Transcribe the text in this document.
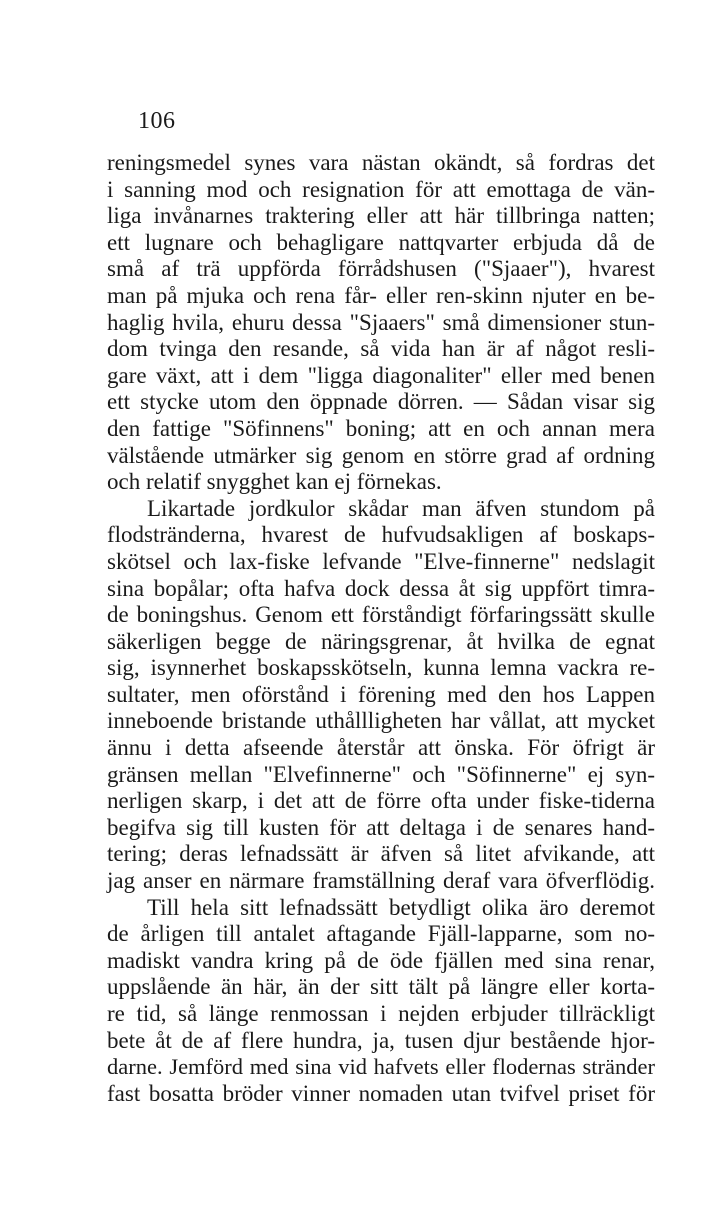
106
reningsmedel synes vara nästan okändt, så fordras det
i sanning mod och resignation för att emottaga de vän-
liga invånarnes traktering eller att här tillbringa natten;
ett lugnare och behagligare nattqvarter erbjuda då de
små af trä uppförda förrådshusen ("Sjaaer"), hvarest
man på mjuka och rena får- eller ren-skinn njuter en be-
haglig hvila, ehuru dessa "Sjaaers" små dimensioner stun-
dom tvinga den resande, så vida han är af något resli-
gare växt, att i dem "ligga diagonaliter" eller med benen
ett stycke utom den öppnade dörren. — Sådan visar sig
den fattige "Söfinnens" boning; att en och annan mera
välstående utmärker sig genom en större grad af ordning
och relatif snygghet kan ej förnekas.
Likartade jordkulor skådar man äfven stundom på
flodstränderna, hvarest de hufvudsakligen af boskaps-
skötsel och lax-fiske lefvande "Elve-finnerne" nedslagit
sina bopålar; ofta hafva dock dessa åt sig uppfört timra-
de boningshus. Genom ett förståndigt förfaringssätt skulle
säkerligen begge de näringsgrenar, åt hvilka de egnat
sig, isynnerhet boskapsskötseln, kunna lemna vackra re-
sultater, men oförstånd i förening med den hos Lappen
inneboende bristande uthållligheten har vållat, att mycket
ännu i detta afseende återstår att önska. För öfrigt är
gränsen mellan "Elvefinnerne" och "Söfinnerne" ej syn-
nerligen skarp, i det att de förre ofta under fiske-tiderna
begifva sig till kusten för att deltaga i de senares hand-
tering; deras lefnadssätt är äfven så litet afvikande, att
jag anser en närmare framställning deraf vara öfverflödig.
Till hela sitt lefnadssätt betydligt olika äro deremot
de årligen till antalet aftagande Fjäll-lapparne, som no-
madiskt vandra kring på de öde fjällen med sina renar,
uppslående än här, än der sitt tält på längre eller korta-
re tid, så länge renmossan i nejden erbjuder tillräckligt
bete åt de af flere hundra, ja, tusen djur bestående hjor-
darne. Jemförd med sina vid hafvets eller flodernas stränder
fast bosatta bröder vinner nomaden utan tvifvel priset för
